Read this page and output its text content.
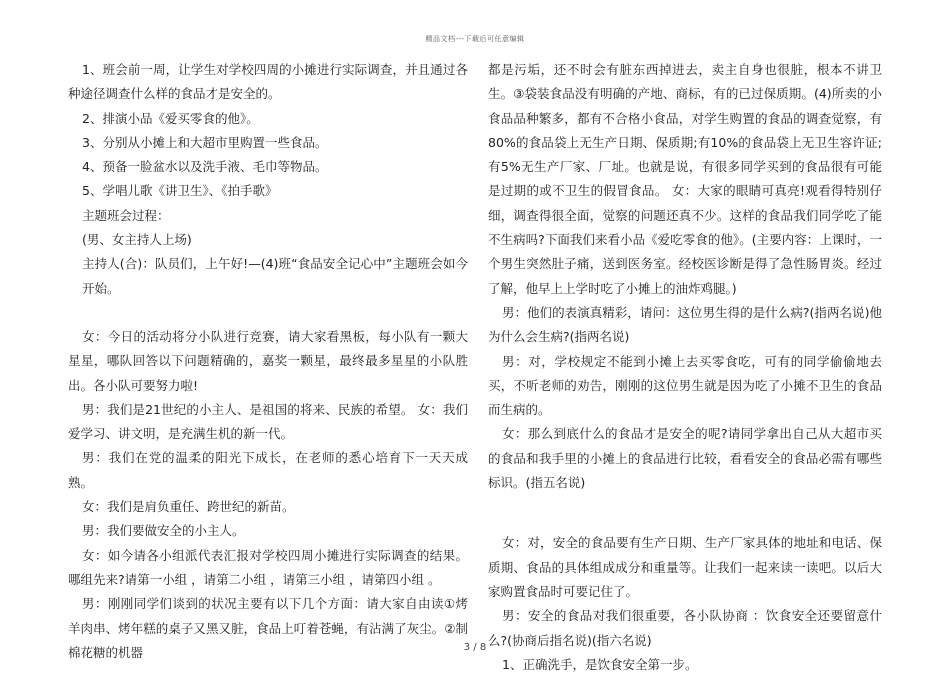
精品文档---下载后可任意编辑

1、班会前一周，让学生对学校四周的小摊进行实际调查，并且通过各种途径调查什么样的食品才是安全的。

2、排演小品《爱买零食的他》。

3、分别从小摊上和大超市里购置一些食品。

4、预备一脸盆水以及洗手液、毛巾等物品。

5、学唱儿歌《讲卫生》、《拍手歌》

主题班会过程：

(男、女主持人上场)

主持人(合)：队员们，上午好!—(4)班“食品安全记心中”主题班会如今开始。

女：今日的活动将分小队进行竞赛，请大家看黑板，每小队有一颗大星星，哪队回答以下问题精确的，嘉奖一颗星，最终最多星星的小队胜出。各小队可要努力啦!

男：我们是21世纪的小主人、是祖国的将来、民族的希望。 女：我们爱学习、讲文明，是充满生机的新一代。

男：我们在党的温柔的阳光下成长，在老师的悉心培育下一天天成熟。

女：我们是肩负重任、跨世纪的新苗。

男：我们要做安全的小主人。

女：如今请各小组派代表汇报对学校四周小摊进行实际调查的结果。哪组先来?请第一小组 ，请第二小组 ，请第三小组 ，请第四小组 。

男：刚刚同学们谈到的状况主要有以下几个方面：请大家自由读①烤羊肉串、烤年糕的桌子又黑又脏，食品上叮着苍蝇，有沾满了灰尘。②制棉花糖的机器

都是污垢，还不时会有脏东西掉进去，卖主自身也很脏，根本不讲卫生。③袋装食品没有明确的产地、商标，有的已过保质期。(4)所卖的小食品品种繁多，都有不合格小食品，对学生购置的食品的调查觉察，有80%的食品袋上无生产日期、保质期;有10%的食品袋上无卫生容许证;有5%无生产厂家、厂址。也就是说，有很多同学买到的食品很有可能是过期的或不卫生的假冒食品。 女：大家的眼睛可真亮!观看得特别仔细，调查得很全面，觉察的问题还真不少。这样的食品我们同学吃了能不生病吗?下面我们来看小品《爱吃零食的他》。(主要内容：上课时，一个男生突然肚子痛，送到医务室。经校医诊断是得了急性肠胃炎。经过了解，他早上上学时吃了小摊上的油炸鸡腿。)

男：他们的表演真精彩，请问：这位男生得的是什么病?(指两名说)他为什么会生病?(指两名说)

男：对，学校规定不能到小摊上去买零食吃，可有的同学偷偷地去买，不听老师的劝告，刚刚的这位男生就是因为吃了小摊不卫生的食品而生病的。

女：那么到底什么的食品才是安全的呢?请同学拿出自己从大超市买的食品和我手里的小摊上的食品进行比较，看看安全的食品必需有哪些标识。(指五名说)

女：对，安全的食品要有生产日期、生产厂家具体的地址和电话、保质期、食品的具体组成成分和重量等。让我们一起来读一读吧。以后大家购置食品时可要记住了。

男：安全的食品对我们很重要，各小队协商 ：饮食安全还要留意什么?(协商后指名说)(指六名说)

1、正确洗手，是饮食安全第一步。

3 / 8
